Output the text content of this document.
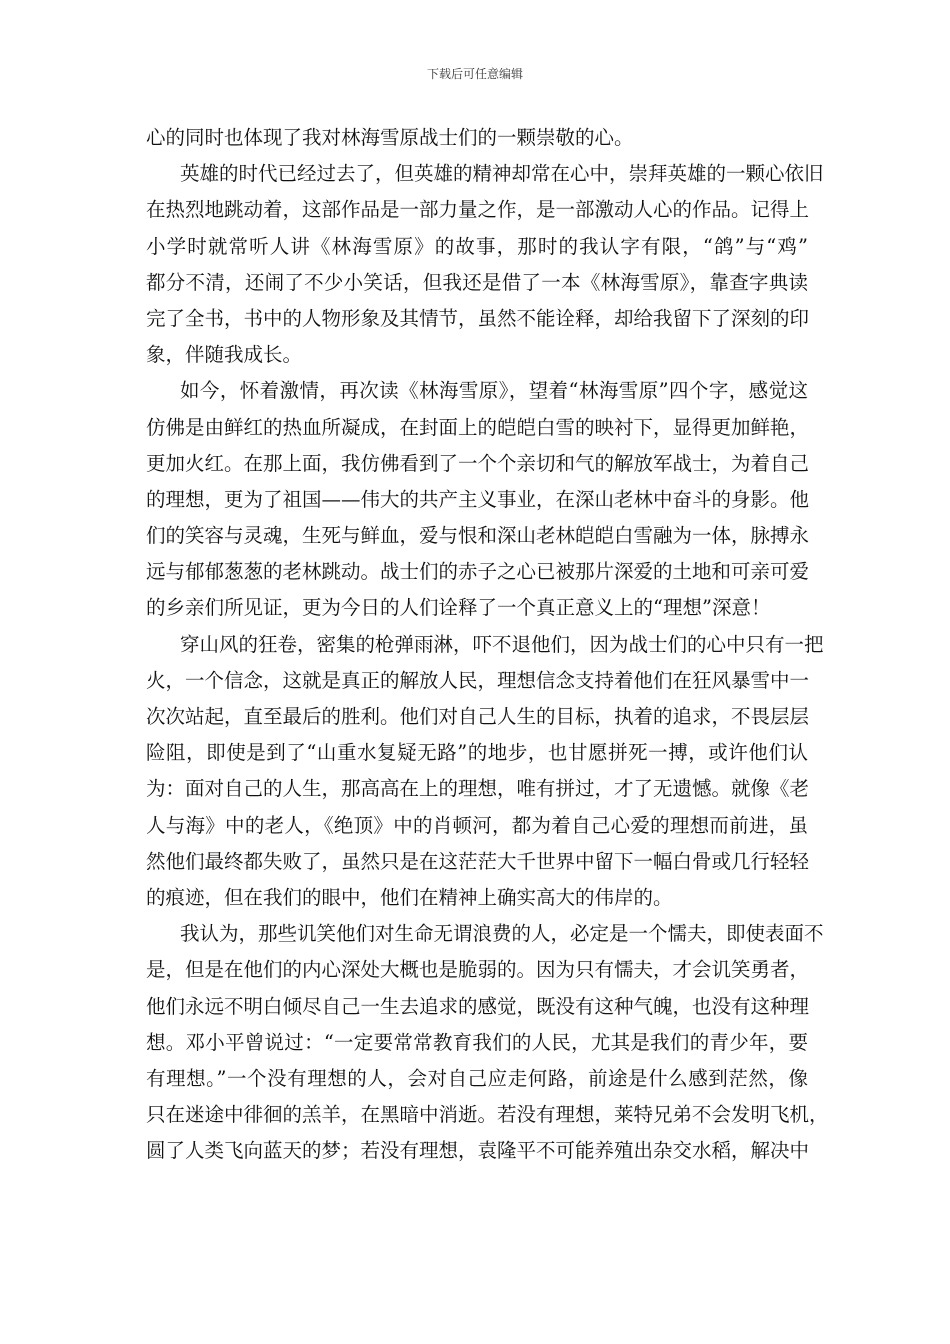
下载后可任意编辑
心的同时也体现了我对林海雪原战士们的一颗崇敬的心。
英雄的时代已经过去了，但英雄的精神却常在心中，崇拜英雄的一颗心依旧
在热烈地跳动着，这部作品是一部力量之作，是一部激动人心的作品。记得上
小学时就常听人讲《林海雪原》的故事，那时的我认字有限，“鸽”与“鸡”
都分不清，还闹了不少小笑话，但我还是借了一本《林海雪原》，靠查字典读
完了全书，书中的人物形象及其情节，虽然不能诠释，却给我留下了深刻的印
象，伴随我成长。
如今，怀着激情，再次读《林海雪原》，望着“林海雪原”四个字，感觉这
仿佛是由鲜红的热血所凝成，在封面上的皑皑白雪的映衬下，显得更加鲜艳，
更加火红。在那上面，我仿佛看到了一个个亲切和气的解放军战士，为着自己
的理想，更为了祖国——伟大的共产主义事业，在深山老林中奋斗的身影。他
们的笑容与灵魂，生死与鲜血，爱与恨和深山老林皑皑白雪融为一体，脉搏永
远与郁郁葱葱的老林跳动。战士们的赤子之心已被那片深爱的土地和可亲可爱
的乡亲们所见证，更为今日的人们诠释了一个真正意义上的“理想”深意！
穿山风的狂卷，密集的枪弹雨淋，吓不退他们，因为战士们的心中只有一把
火，一个信念，这就是真正的解放人民，理想信念支持着他们在狂风暴雪中一
次次站起，直至最后的胜利。他们对自己人生的目标，执着的追求，不畏层层
险阻，即使是到了“山重水复疑无路”的地步，也甘愿拼死一搏，或许他们认
为：面对自己的人生，那高高在上的理想，唯有拼过，才了无遗憾。就像《老
人与海》中的老人，《绝顶》中的肖顿河，都为着自己心爱的理想而前进，虽
然他们最终都失败了，虽然只是在这茫茫大千世界中留下一幅白骨或几行轻轻
的痕迹，但在我们的眼中，他们在精神上确实高大的伟岸的。
我认为，那些讥笑他们对生命无谓浪费的人，必定是一个懦夫，即使表面不
是，但是在他们的内心深处大概也是脆弱的。因为只有懦夫，才会讥笑勇者，
他们永远不明白倾尽自己一生去追求的感觉，既没有这种气魄，也没有这种理
想。邓小平曾说过：“一定要常常教育我们的人民，尤其是我们的青少年，要
有理想。”一个没有理想的人，会对自己应走何路，前途是什么感到茫然，像
只在迷途中徘徊的羔羊，在黑暗中消逝。若没有理想，莱特兄弟不会发明飞机，
圆了人类飞向蓝天的梦；若没有理想，袁隆平不可能养殖出杂交水稻，解决中
